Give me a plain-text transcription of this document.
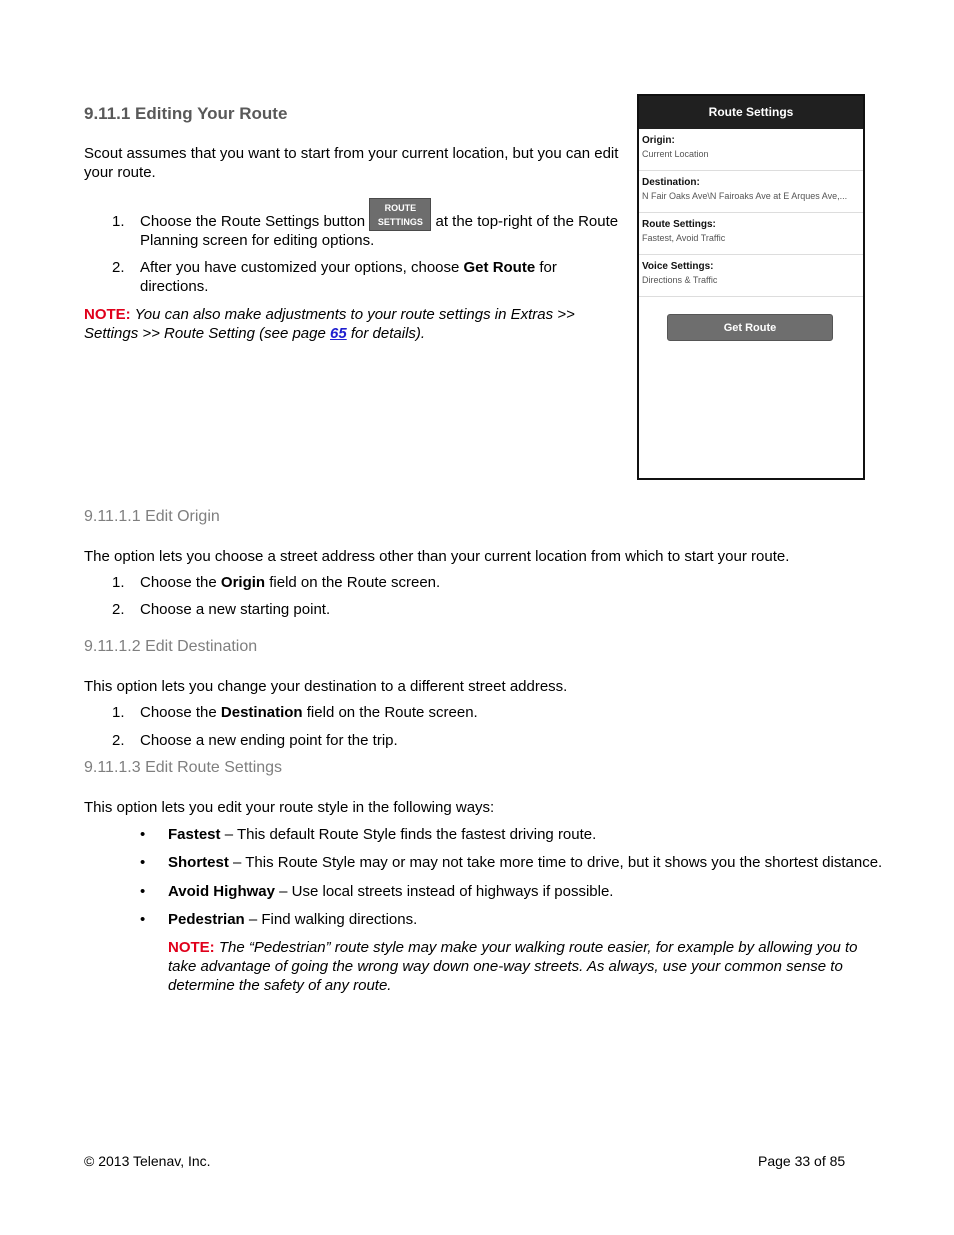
9.11.1 Editing Your Route

Scout assumes that you want to start from your current location, but you can edit your route.

1. Choose the Route Settings button ROUTE
SETTINGS at the top-right of the Route
Planning screen for editing options.
2. After you have customized your options, choose Get Route for
directions.
NOTE: You can also make adjustments to your route settings in Extras >>
Settings >> Route Setting (see page 65 for details).
Route Settings
Origin:
Current Location
Destination:
N Fair Oaks Ave\N Fairoaks Ave at E Arques Ave,...
Route Settings:
Fastest, Avoid Traffic
Voice Settings:
Directions & Traffic
Get Route
9.11.1.1 Edit Origin

The option lets you choose a street address other than your current location from which to start your route.

1. Choose the Origin field on the Route screen.
2. Choose a new starting point.
9.11.1.2 Edit Destination

This option lets you change your destination to a different street address.

1. Choose the Destination field on the Route screen.
2. Choose a new ending point for the trip.
9.11.1.3 Edit Route Settings

This option lets you edit your route style in the following ways:

• Fastest – This default Route Style finds the fastest driving route.
• Shortest – This Route Style may or may not take more time to drive, but it shows you the shortest distance.
• Avoid Highway – Use local streets instead of highways if possible.
• Pedestrian – Find walking directions.
NOTE: The “Pedestrian” route style may make your walking route easier, for example by allowing you to
take advantage of going the wrong way down one-way streets. As always, use your common sense to
determine the safety of any route.
© 2013 Telenav, Inc.	Page 33 of 85
